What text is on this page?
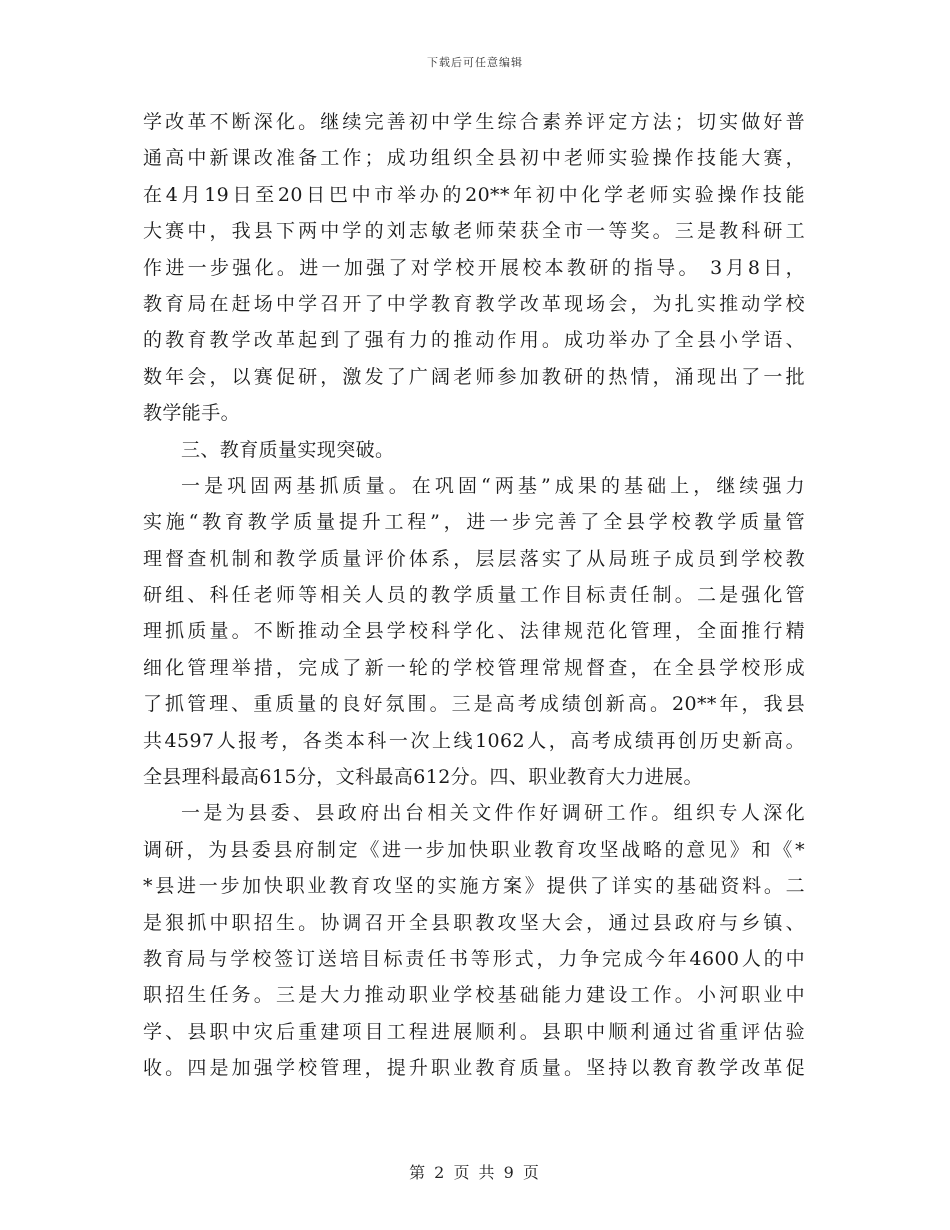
下载后可任意编辑
学改革不断深化。继续完善初中学生综合素养评定方法；切实做好普
通高中新课改准备工作；成功组织全县初中老师实验操作技能大赛，
在4月19日至20日巴中市举办的20**年初中化学老师实验操作技能
大赛中，我县下两中学的刘志敏老师荣获全市一等奖。三是教科研工
作进一步强化。进一加强了对学校开展校本教研的指导。 3月8日，
教育局在赶场中学召开了中学教育教学改革现场会，为扎实推动学校
的教育教学改革起到了强有力的推动作用。成功举办了全县小学语、
数年会，以赛促研，激发了广阔老师参加教研的热情，涌现出了一批
教学能手。
三、教育质量实现突破。
一是巩固两基抓质量。在巩固“两基”成果的基础上，继续强力
实施“教育教学质量提升工程”，进一步完善了全县学校教学质量管
理督查机制和教学质量评价体系，层层落实了从局班子成员到学校教
研组、科任老师等相关人员的教学质量工作目标责任制。二是强化管
理抓质量。不断推动全县学校科学化、法律规范化管理，全面推行精
细化管理举措，完成了新一轮的学校管理常规督查，在全县学校形成
了抓管理、重质量的良好氛围。三是高考成绩创新高。20**年，我县
共4597人报考，各类本科一次上线1062人，高考成绩再创历史新高。
全县理科最高615分，文科最高612分。四、职业教育大力进展。
一是为县委、县政府出台相关文件作好调研工作。组织专人深化
调研，为县委县府制定《进一步加快职业教育攻坚战略的意见》和《*
*县进一步加快职业教育攻坚的实施方案》提供了详实的基础资料。二
是狠抓中职招生。协调召开全县职教攻坚大会，通过县政府与乡镇、
教育局与学校签订送培目标责任书等形式，力争完成今年4600人的中
职招生任务。三是大力推动职业学校基础能力建设工作。小河职业中
学、县职中灾后重建项目工程进展顺利。县职中顺利通过省重评估验
收。四是加强学校管理，提升职业教育质量。坚持以教育教学改革促
第 2 页 共 9 页
